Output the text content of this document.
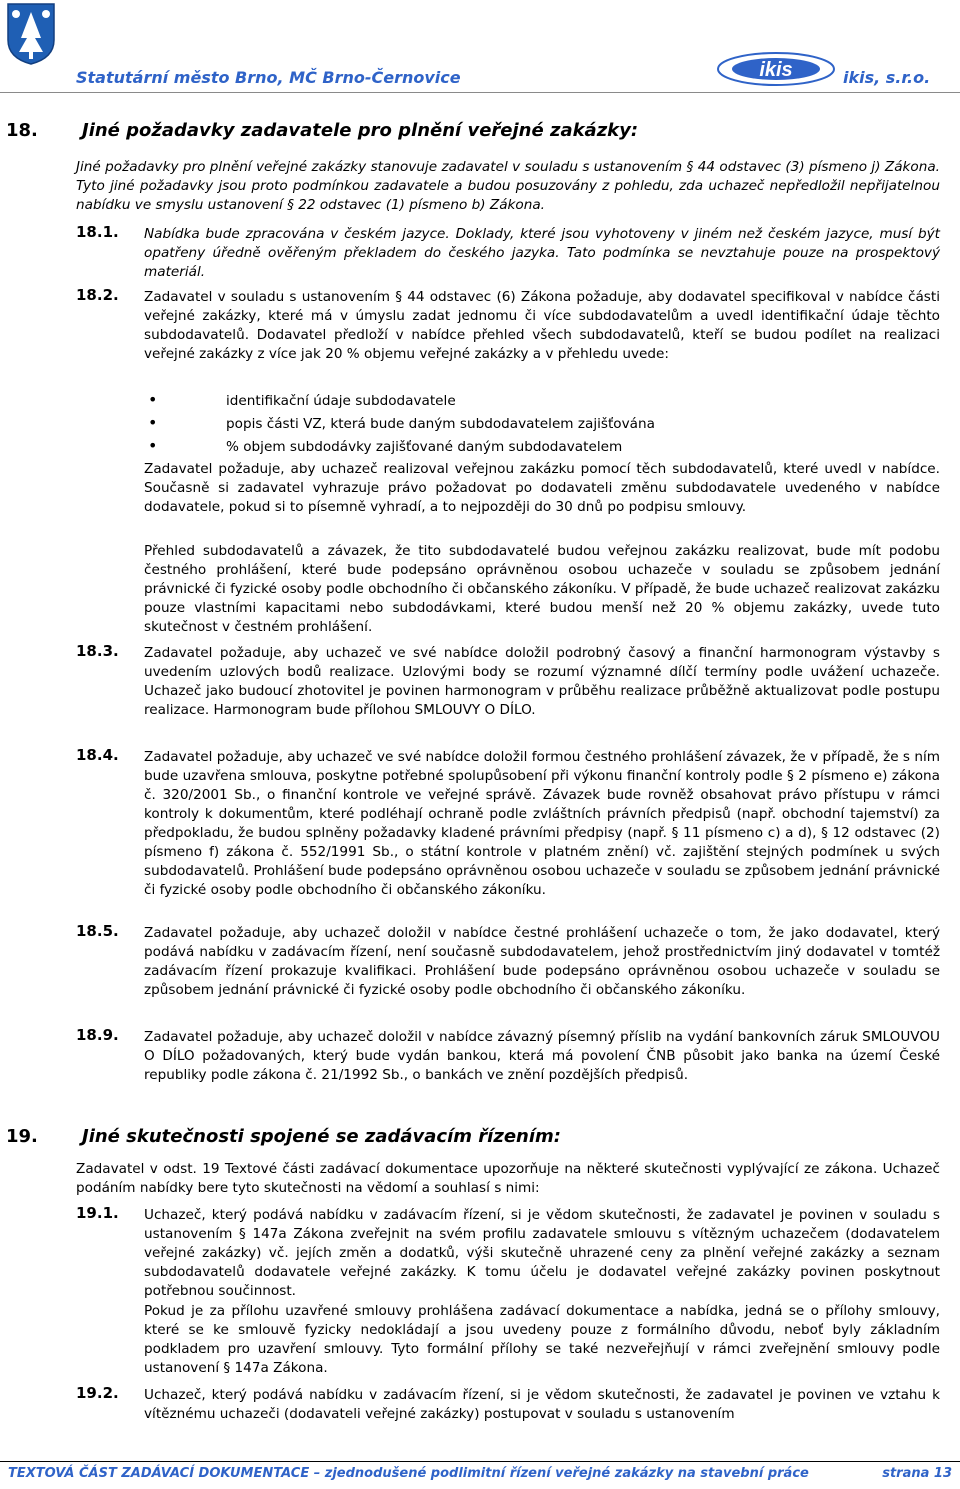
Statutární město Brno, MČ Brno-Černovice	ikis	ikis, s.r.o.
18.	Jiné požadavky zadavatele pro plnění veřejné zakázky:
Jiné požadavky pro plnění veřejné zakázky stanovuje zadavatel v souladu s ustanovením § 44 odstavec (3) písmeno j) Zákona. Tyto jiné požadavky jsou proto podmínkou zadavatele a budou posuzovány z pohledu, zda uchazeč nepředložil nepřijatelnou nabídku ve smyslu ustanovení § 22 odstavec (1) písmeno b) Zákona.
18.1. Nabídka bude zpracována v českém jazyce. Doklady, které jsou vyhotoveny v jiném než českém jazyce, musí být opatřeny úředně ověřeným překladem do českého jazyka. Tato podmínka se nevztahuje pouze na prospektový materiál.
18.2. Zadavatel v souladu s ustanovením § 44 odstavec (6) Zákona požaduje, aby dodavatel specifikoval v nabídce části veřejné zakázky, které má v úmyslu zadat jednomu či více subdodavatelům a uvedl identifikační údaje těchto subdodavatelů. Dodavatel předloží v nabídce přehled všech subdodavatelů, kteří se budou podílet na realizaci veřejné zakázky z více jak 20 % objemu veřejné zakázky a v přehledu uvede:
•	identifikační údaje subdodavatele
•	popis části VZ, která bude daným subdodavatelem zajišťována
•	% objem subdodávky zajišťované daným subdodavatelem
Zadavatel požaduje, aby uchazeč realizoval veřejnou zakázku pomocí těch subdodavatelů, které uvedl v nabídce. Současně si zadavatel vyhrazuje právo požadovat po dodavateli změnu subdodavatele uvedeného v nabídce dodavatele, pokud si to písemně vyhradí, a to nejpozději do 30 dnů po podpisu smlouvy.
Přehled subdodavatelů a závazek, že tito subdodavatelé budou veřejnou zakázku realizovat, bude mít podobu čestného prohlášení, které bude podepsáno oprávněnou osobou uchazeče v souladu se způsobem jednání právnické či fyzické osoby podle obchodního či občanského zákoníku. V případě, že bude uchazeč realizovat zakázku pouze vlastními kapacitami nebo subdodávkami, které budou menší než 20 % objemu zakázky, uvede tuto skutečnost v čestném prohlášení.
18.3. Zadavatel požaduje, aby uchazeč ve své nabídce doložil podrobný časový a finanční harmonogram výstavby s uvedením uzlových bodů realizace. Uzlovými body se rozumí významné dílčí termíny podle uvážení uchazeče. Uchazeč jako budoucí zhotovitel je povinen harmonogram v průběhu realizace průběžně aktualizovat podle postupu realizace. Harmonogram bude přílohou SMLOUVY O DÍLO.
18.4. Zadavatel požaduje, aby uchazeč ve své nabídce doložil formou čestného prohlášení závazek, že v případě, že s ním bude uzavřena smlouva, poskytne potřebné spolupůsobení při výkonu finanční kontroly podle § 2 písmeno e) zákona č. 320/2001 Sb., o finanční kontrole ve veřejné správě. Závazek bude rovněž obsahovat právo přístupu v rámci kontroly k dokumentům, které podléhají ochraně podle zvláštních právních předpisů (např. obchodní tajemství) za předpokladu, že budou splněny požadavky kladené právními předpisy (např. § 11 písmeno c) a d), § 12 odstavec (2) písmeno f) zákona č. 552/1991 Sb., o státní kontrole v platném znění) vč. zajištění stejných podmínek u svých subdodavatelů. Prohlášení bude podepsáno oprávněnou osobou uchazeče v souladu se způsobem jednání právnické či fyzické osoby podle obchodního či občanského zákoníku.
18.5. Zadavatel požaduje, aby uchazeč doložil v nabídce čestné prohlášení uchazeče o tom, že jako dodavatel, který podává nabídku v zadávacím řízení, není současně subdodavatelem, jehož prostřednictvím jiný dodavatel v tomtéž zadávacím řízení prokazuje kvalifikaci. Prohlášení bude podepsáno oprávněnou osobou uchazeče v souladu se způsobem jednání právnické či fyzické osoby podle obchodního či občanského zákoníku.
18.9. Zadavatel požaduje, aby uchazeč doložil v nabídce závazný písemný příslib na vydání bankovních záruk SMLOUVOU O DÍLO požadovaných, který bude vydán bankou, která má povolení ČNB působit jako banka na území České republiky podle zákona č. 21/1992 Sb., o bankách ve znění pozdějších předpisů.
19.	Jiné skutečnosti spojené se zadávacím řízením:
Zadavatel v odst. 19 Textové části zadávací dokumentace upozorňuje na některé skutečnosti vyplývající ze zákona. Uchazeč podáním nabídky bere tyto skutečnosti na vědomí a souhlasí s nimi:
19.1. Uchazeč, který podává nabídku v zadávacím řízení, si je vědom skutečnosti, že zadavatel je povinen v souladu s ustanovením § 147a Zákona zveřejnit na svém profilu zadavatele smlouvu s vítězným uchazečem (dodavatelem veřejné zakázky) vč. jejích změn a dodatků, výši skutečně uhrazené ceny za plnění veřejné zakázky a seznam subdodavatelů dodavatele veřejné zakázky. K tomu účelu je dodavatel veřejné zakázky povinen poskytnout potřebnou součinnost.
Pokud je za přílohu uzavřené smlouvy prohlášena zadávací dokumentace a nabídka, jedná se o přílohy smlouvy, které se ke smlouvě fyzicky nedokládají a jsou uvedeny pouze z formálního důvodu, neboť byly základním podkladem pro uzavření smlouvy. Tyto formální přílohy se také nezveřejňují v rámci zveřejnění smlouvy podle ustanovení § 147a Zákona.
19.2. Uchazeč, který podává nabídku v zadávacím řízení, si je vědom skutečnosti, že zadavatel je povinen ve vztahu k vítěznému uchazeči (dodavateli veřejné zakázky) postupovat v souladu s ustanovením
TEXTOVÁ ČÁST ZADÁVACÍ DOKUMENTACE – zjednodušené podlimitní řízení veřejné zakázky na stavební práce	strana 13
